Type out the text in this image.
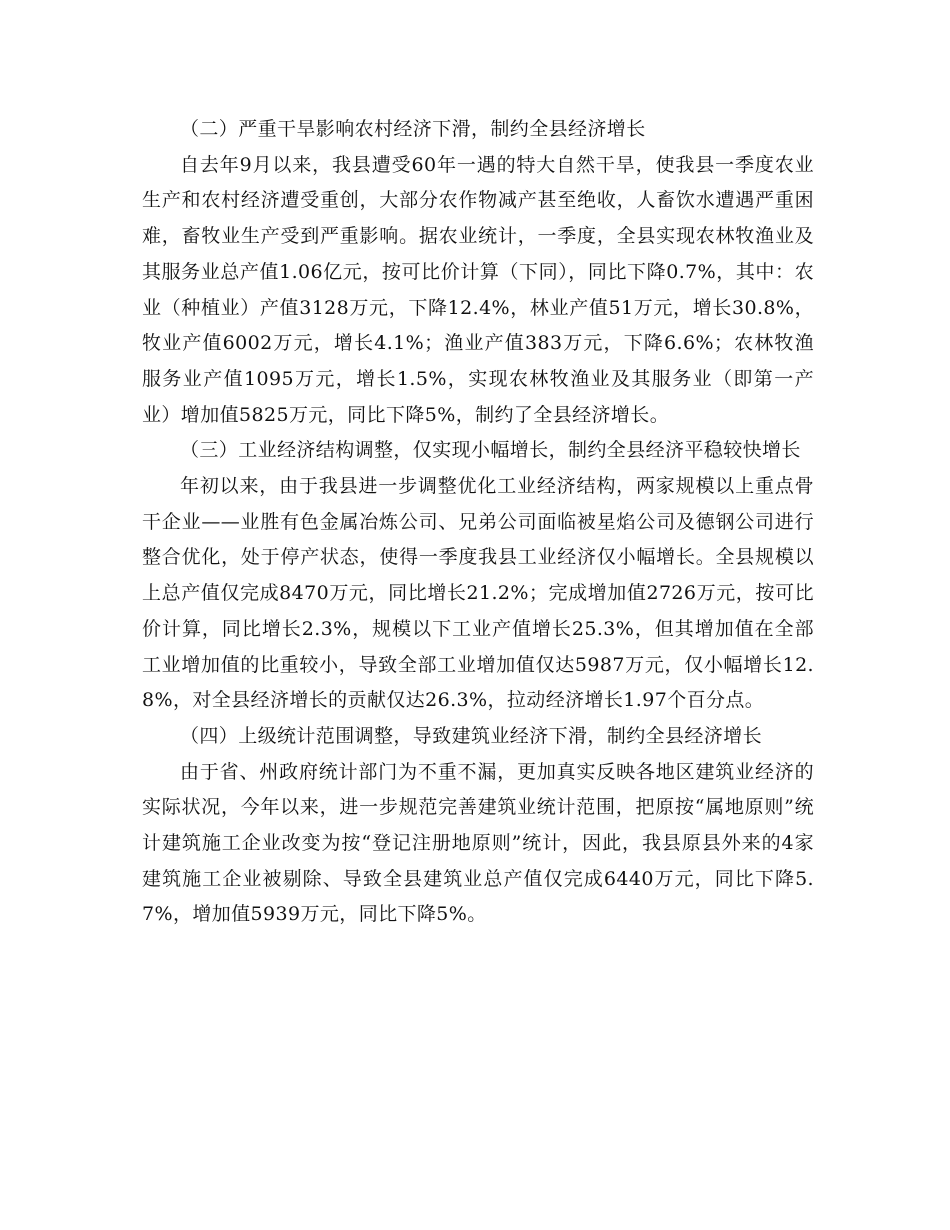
（二）严重干旱影响农村经济下滑，制约全县经济增长

自去年9月以来，我县遭受60年一遇的特大自然干旱，使我县一季度农业生产和农村经济遭受重创，大部分农作物减产甚至绝收，人畜饮水遭遇严重困难，畜牧业生产受到严重影响。据农业统计，一季度，全县实现农林牧渔业及其服务业总产值1.06亿元，按可比价计算（下同），同比下降0.7%，其中：农业（种植业）产值3128万元，下降12.4%，林业产值51万元，增长30.8%，牧业产值6002万元，增长4.1%；渔业产值383万元，下降6.6%；农林牧渔服务业产值1095万元，增长1.5%，实现农林牧渔业及其服务业（即第一产业）增加值5825万元，同比下降5%，制约了全县经济增长。

（三）工业经济结构调整，仅实现小幅增长，制约全县经济平稳较快增长

年初以来，由于我县进一步调整优化工业经济结构，两家规模以上重点骨干企业——业胜有色金属冶炼公司、兄弟公司面临被星焰公司及德钢公司进行整合优化，处于停产状态，使得一季度我县工业经济仅小幅增长。全县规模以上总产值仅完成8470万元，同比增长21.2%；完成增加值2726万元，按可比价计算，同比增长2.3%，规模以下工业产值增长25.3%，但其增加值在全部工业增加值的比重较小，导致全部工业增加值仅达5987万元，仅小幅增长12.8%，对全县经济增长的贡献仅达26.3%，拉动经济增长1.97个百分点。

（四）上级统计范围调整，导致建筑业经济下滑，制约全县经济增长

由于省、州政府统计部门为不重不漏，更加真实反映各地区建筑业经济的实际状况，今年以来，进一步规范完善建筑业统计范围，把原按“属地原则”统计建筑施工企业改变为按“登记注册地原则”统计，因此，我县原县外来的4家建筑施工企业被剔除、导致全县建筑业总产值仅完成6440万元，同比下降5.7%，增加值5939万元，同比下降5%。
